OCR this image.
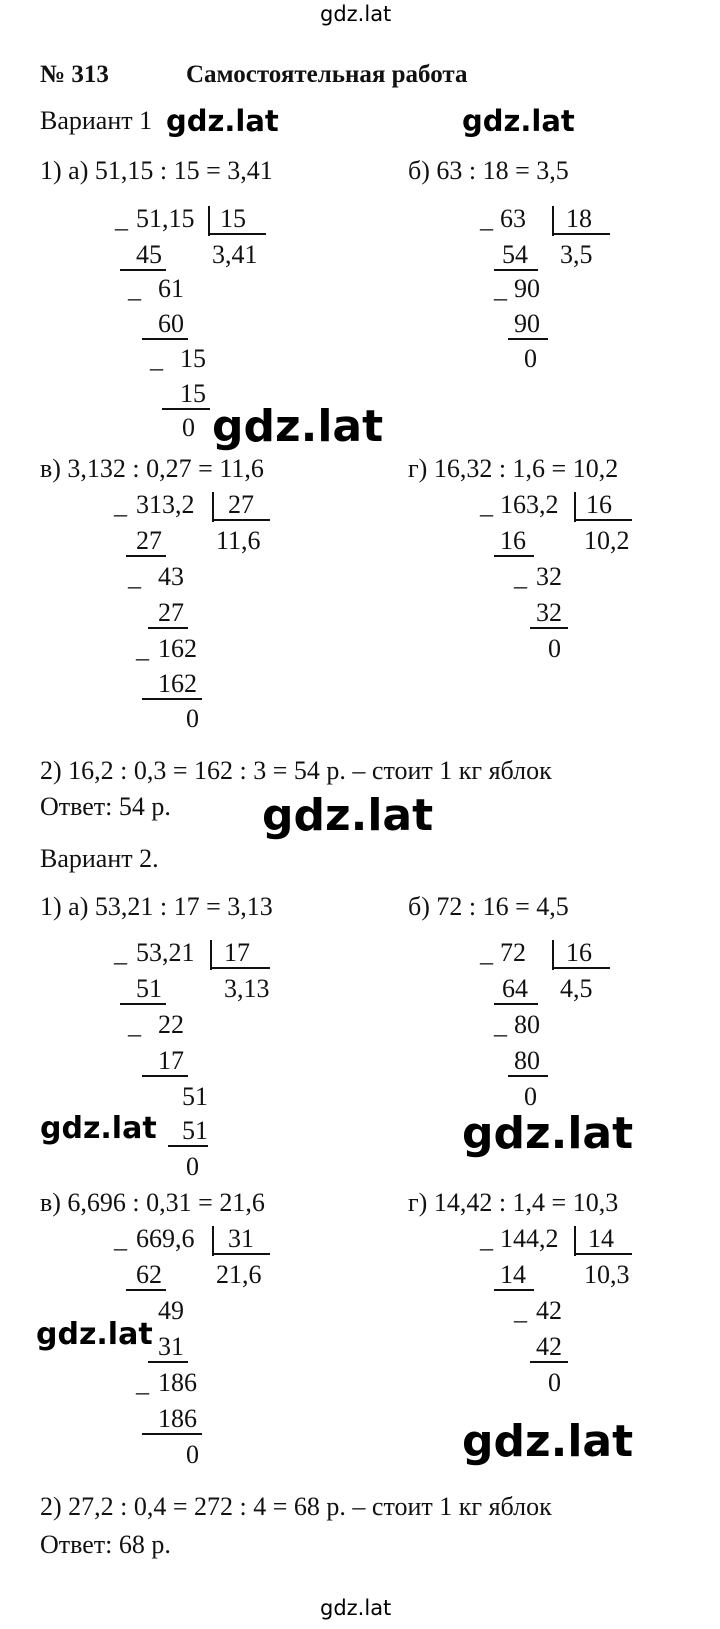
gdz.lat
№ 313	Самостоятельная работа
Вариант 1 gdz.lat	gdz.lat
1) а) 51,15 : 15 = 3,41
_ 51,15 15
3,41
45
_ 61
60
_ 15
15
0 gdz.lat
б) 63 : 18 = 3,5
_ 63 18
3,5
54
_ 90
90
0
в) 3,132 : 0,27 = 11,6
_ 313,2 27
11,6
27
_ 43
27
_ 162
162
0
г) 16,32 : 1,6 = 10,2
_ 163,2 16
10,2
16
_ 32
32
0
2) 16,2 : 0,3 = 162 : 3 = 54 р. – стоит 1 кг яблок
Ответ: 54 р. gdz.lat
Вариант 2.
1) а) 53,21 : 17 = 3,13
_ 53,21 17
3,13
51
_ 22
17
51
51
0
gdz.lat
б) 72 : 16 = 4,5
_ 72 16
4,5
64
_ 80
80
0
gdz.lat
в) 6,696 : 0,31 = 21,6
_ 669,6 31
21,6
62
49
31
_ 186
186
0
gdz.lat
г) 14,42 : 1,4 = 10,3
_ 144,2 14
10,3
14
_ 42
42
0
gdz.lat
2) 27,2 : 0,4 = 272 : 4 = 68 р. – стоит 1 кг яблок
Ответ: 68 р.
gdz.lat
